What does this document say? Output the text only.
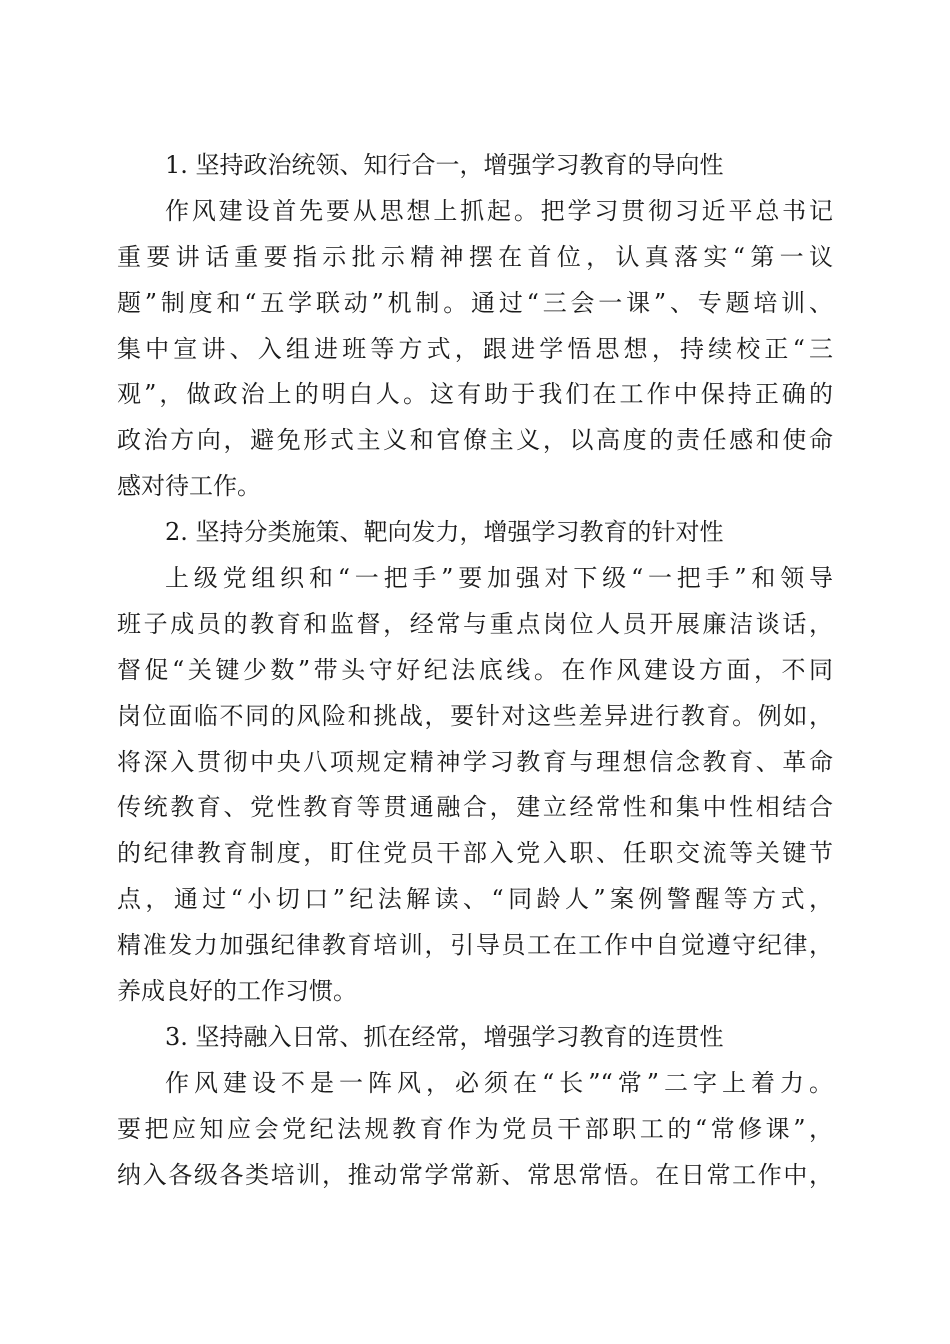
1. 坚持政治统领、知行合一，增强学习教育的导向性
作风建设首先要从思想上抓起。把学习贯彻习近平总书记
重要讲话重要指示批示精神摆在首位，认真落实“第一议
题”制度和“五学联动”机制。通过“三会一课”、专题培训、
集中宣讲、入组进班等方式，跟进学悟思想，持续校正“三
观”，做政治上的明白人。这有助于我们在工作中保持正确的
政治方向，避免形式主义和官僚主义，以高度的责任感和使命
感对待工作。
2. 坚持分类施策、靶向发力，增强学习教育的针对性
上级党组织和“一把手”要加强对下级“一把手”和领导
班子成员的教育和监督，经常与重点岗位人员开展廉洁谈话，
督促“关键少数”带头守好纪法底线。在作风建设方面，不同
岗位面临不同的风险和挑战，要针对这些差异进行教育。例如，
将深入贯彻中央八项规定精神学习教育与理想信念教育、革命
传统教育、党性教育等贯通融合，建立经常性和集中性相结合
的纪律教育制度，盯住党员干部入党入职、任职交流等关键节
点，通过“小切口”纪法解读、“同龄人”案例警醒等方式，
精准发力加强纪律教育培训，引导员工在工作中自觉遵守纪律，
养成良好的工作习惯。
3. 坚持融入日常、抓在经常，增强学习教育的连贯性
作风建设不是一阵风，必须在“长”“常”二字上着力。
要把应知应会党纪法规教育作为党员干部职工的“常修课”，
纳入各级各类培训，推动常学常新、常思常悟。在日常工作中，
